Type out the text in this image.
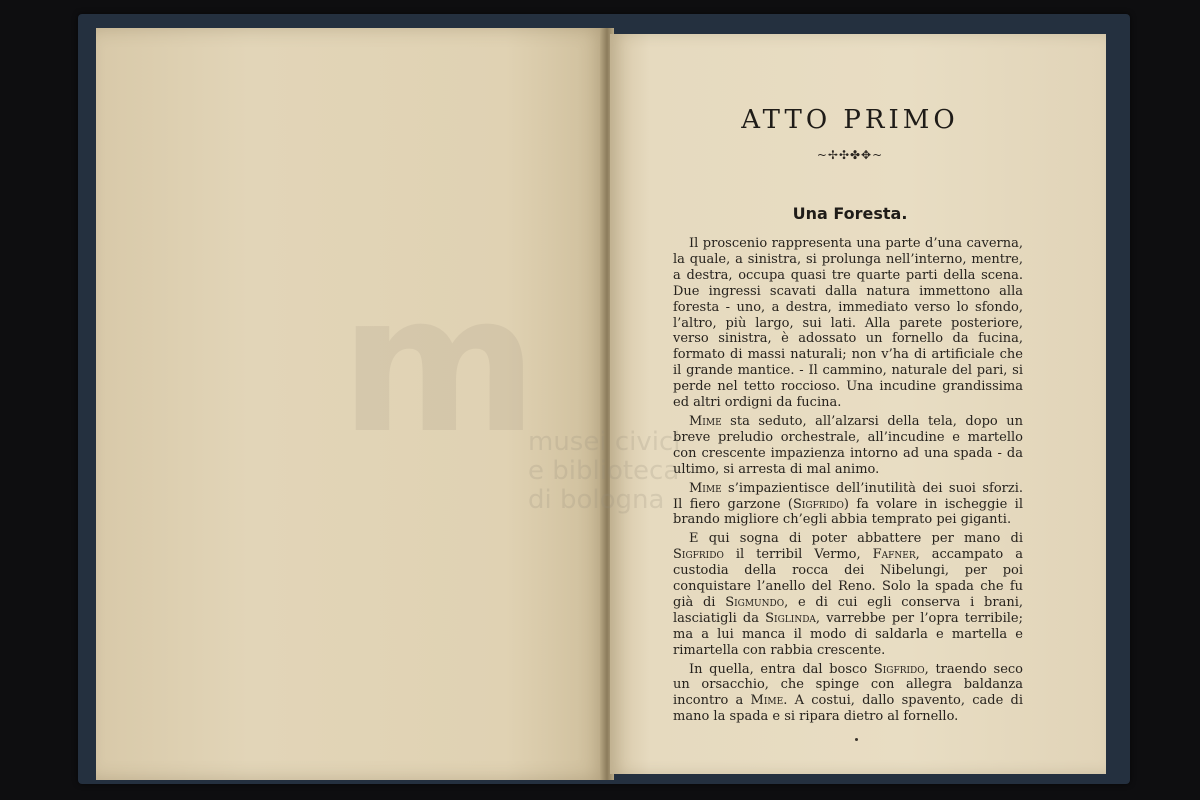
m
musei civici
e biblioteca
di bologna
ATTO PRIMO
~✢✣✤✥~
Una Foresta.

Il proscenio rappresenta una parte d’una caverna, la quale, a sinistra, si prolunga nell’interno, mentre, a destra, occupa quasi tre quarte parti della scena. Due ingressi scavati dalla natura immettono alla foresta - uno, a destra, immediato verso lo sfondo, l’altro, più largo, sui lati. Alla parete posteriore, verso sinistra, è adossato un fornello da fucina, formato di massi naturali; non v’ha di artificiale che il grande mantice. - Il cammino, naturale del pari, si perde nel tetto roccioso. Una incudine grandissima ed altri ordigni da fucina.

Mime sta seduto, all’alzarsi della tela, dopo un breve preludio orchestrale, all’incudine e martello con crescente impazienza intorno ad una spada - da ultimo, si arresta di mal animo.

Mime s’impazientisce dell’inutilità dei suoi sforzi. Il fiero garzone (Sigfrido) fa volare in ischeggie il brando migliore ch’egli abbia temprato pei giganti.

E qui sogna di poter abbattere per mano di Sigfrido il terribil Vermo, Fafner, accampato a custodia della rocca dei Nibelungi, per poi conquistare l’anello del Reno. Solo la spada che fu già di Sigmundo, e di cui egli conserva i brani, lasciatigli da Siglinda, varrebbe per l’opra terribile; ma a lui manca il modo di saldarla e martella e rimartella con rabbia crescente.

In quella, entra dal bosco Sigfrido, traendo seco un orsacchio, che spinge con allegra baldanza incontro a Mime. A costui, dallo spavento, cade di mano la spada e si ripara dietro al fornello.
